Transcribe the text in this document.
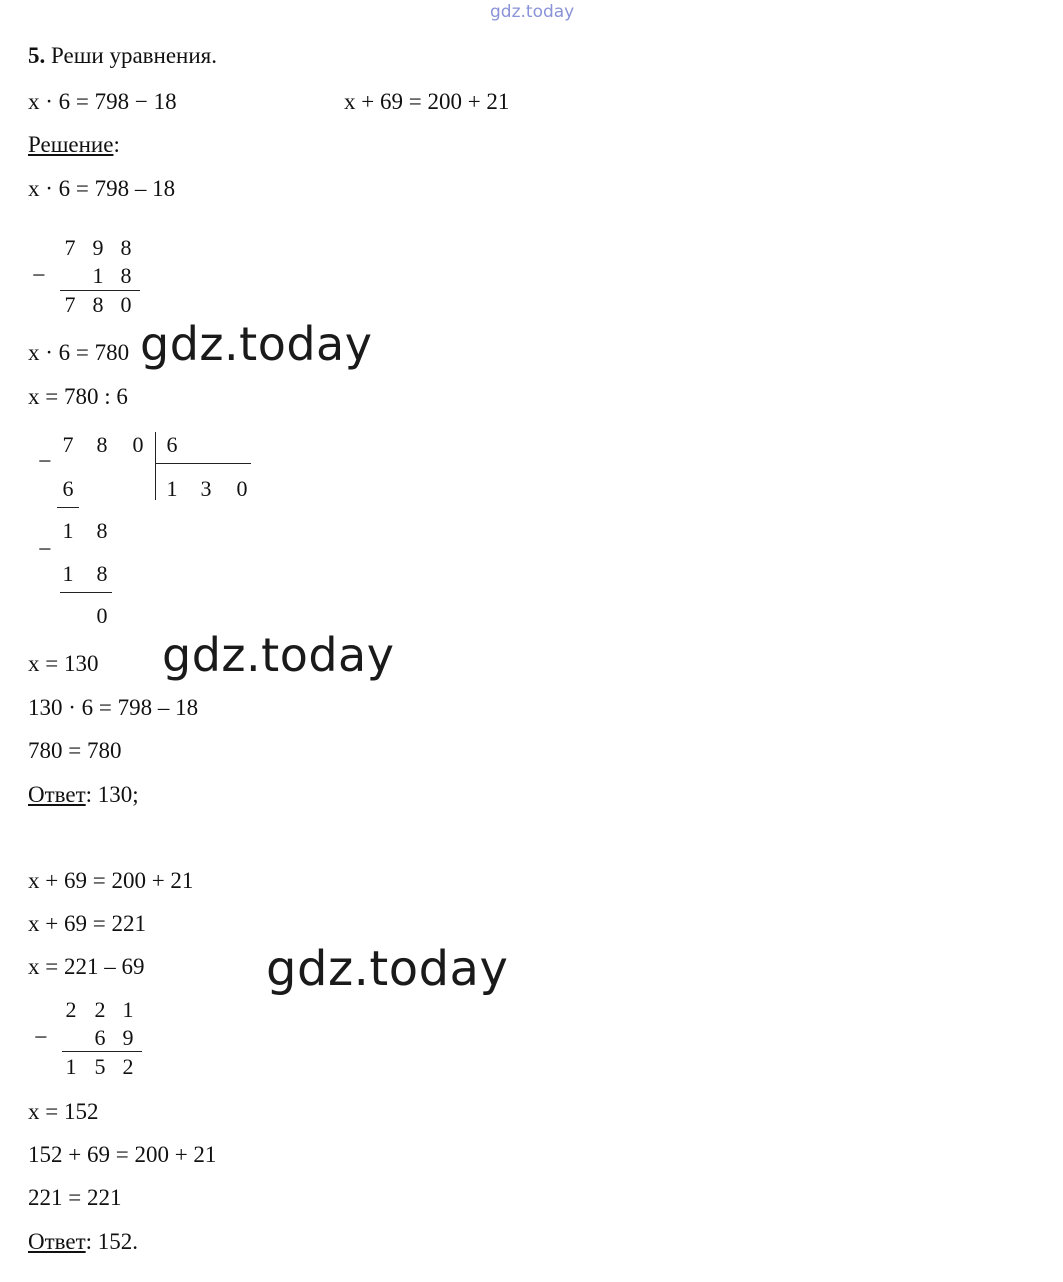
gdz.today
5. Реши уравнения.
x · 6 = 798 − 18	x + 69 = 200 + 21
Решение:
x · 6 = 798 – 18
−
7 9 8
1 8
7 8 0
x · 6 = 780 gdz.today
x = 780 : 6
−
7 8 0 6
1 3 0
6
1 8
−
1 8
0
x = 130 gdz.today
130 · 6 = 798 – 18
780 = 780
Ответ: 130;
x + 69 = 200 + 21
x + 69 = 221
x = 221 – 69	gdz.today
−
2 2 1
6 9
1 5 2
x = 152
152 + 69 = 200 + 21
221 = 221
Ответ: 152.
